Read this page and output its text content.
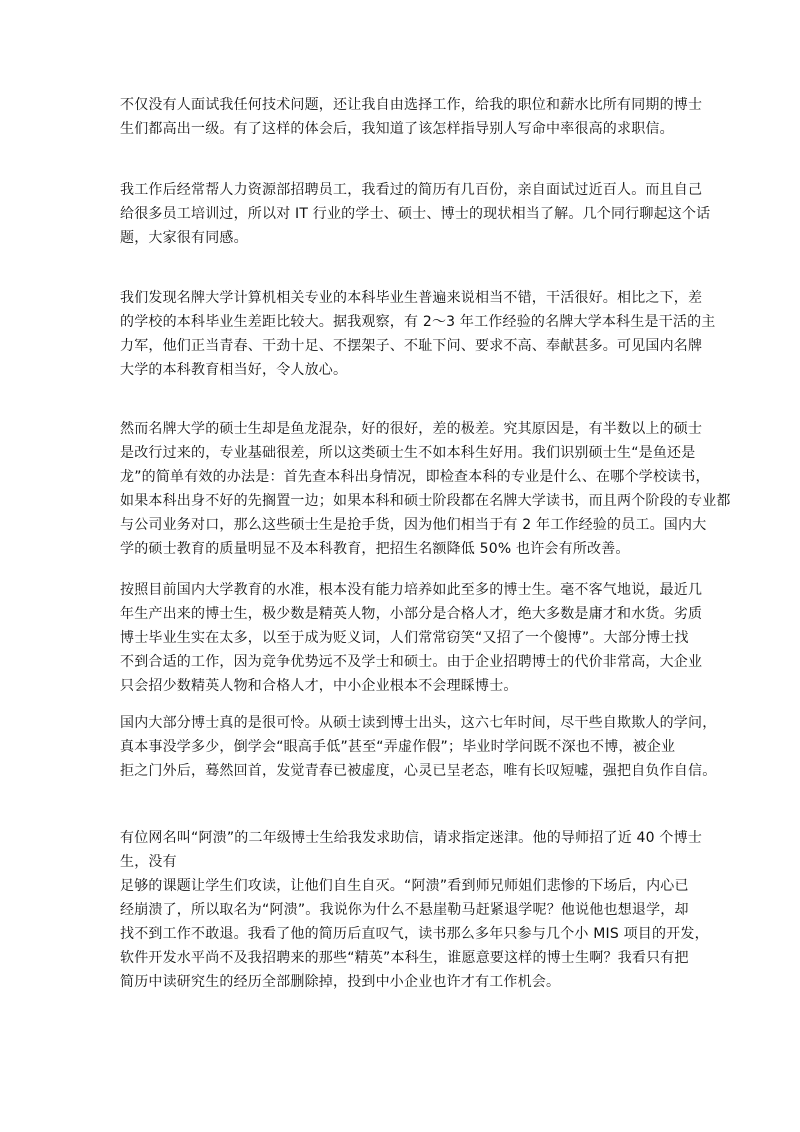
不仅没有人面试我任何技术问题，还让我自由选择工作，给我的职位和薪水比所有同期的博士
生们都高出一级。有了这样的体会后，我知道了该怎样指导别人写命中率很高的求职信。
我工作后经常帮人力资源部招聘员工，我看过的简历有几百份，亲自面试过近百人。而且自己
给很多员工培训过，所以对 IT 行业的学士、硕士、博士的现状相当了解。几个同行聊起这个话
题，大家很有同感。
我们发现名牌大学计算机相关专业的本科毕业生普遍来说相当不错，干活很好。相比之下，差
的学校的本科毕业生差距比较大。据我观察，有 2～3 年工作经验的名牌大学本科生是干活的主
力军，他们正当青春、干劲十足、不摆架子、不耻下问、要求不高、奉献甚多。可见国内名牌
大学的本科教育相当好，令人放心。
然而名牌大学的硕士生却是鱼龙混杂，好的很好，差的极差。究其原因是，有半数以上的硕士
是改行过来的，专业基础很差，所以这类硕士生不如本科生好用。我们识别硕士生“是鱼还是
龙”的简单有效的办法是：首先查本科出身情况，即检查本科的专业是什么、在哪个学校读书，
如果本科出身不好的先搁置一边；如果本科和硕士阶段都在名牌大学读书，而且两个阶段的专业都
与公司业务对口，那么这些硕士生是抢手货，因为他们相当于有 2 年工作经验的员工。国内大
学的硕士教育的质量明显不及本科教育，把招生名额降低 50% 也许会有所改善。
按照目前国内大学教育的水准，根本没有能力培养如此至多的博士生。毫不客气地说，最近几
年生产出来的博士生，极少数是精英人物，小部分是合格人才，绝大多数是庸才和水货。劣质
博士毕业生实在太多，以至于成为贬义词，人们常常窃笑“又招了一个傻博”。大部分博士找
不到合适的工作，因为竞争优势远不及学士和硕士。由于企业招聘博士的代价非常高，大企业
只会招少数精英人物和合格人才，中小企业根本不会理睬博士。
国内大部分博士真的是很可怜。从硕士读到博士出头，这六七年时间，尽干些自欺欺人的学问，
真本事没学多少，倒学会“眼高手低”甚至“弄虚作假”；毕业时学问既不深也不博，被企业
拒之门外后，蓦然回首，发觉青春已被虚度，心灵已呈老态，唯有长叹短嘘，强把自负作自信。
有位网名叫“阿溃”的二年级博士生给我发求助信，请求指定迷津。他的导师招了近 40 个博士
生，没有
足够的课题让学生们攻读，让他们自生自灭。“阿溃”看到师兄师姐们悲惨的下场后，内心已
经崩溃了，所以取名为“阿溃”。我说你为什么不悬崖勒马赶紧退学呢？他说他也想退学，却
找不到工作不敢退。我看了他的简历后直叹气，读书那么多年只参与几个小 MIS 项目的开发，
软件开发水平尚不及我招聘来的那些“精英”本科生，谁愿意要这样的博士生啊？我看只有把
简历中读研究生的经历全部删除掉，投到中小企业也许才有工作机会。
